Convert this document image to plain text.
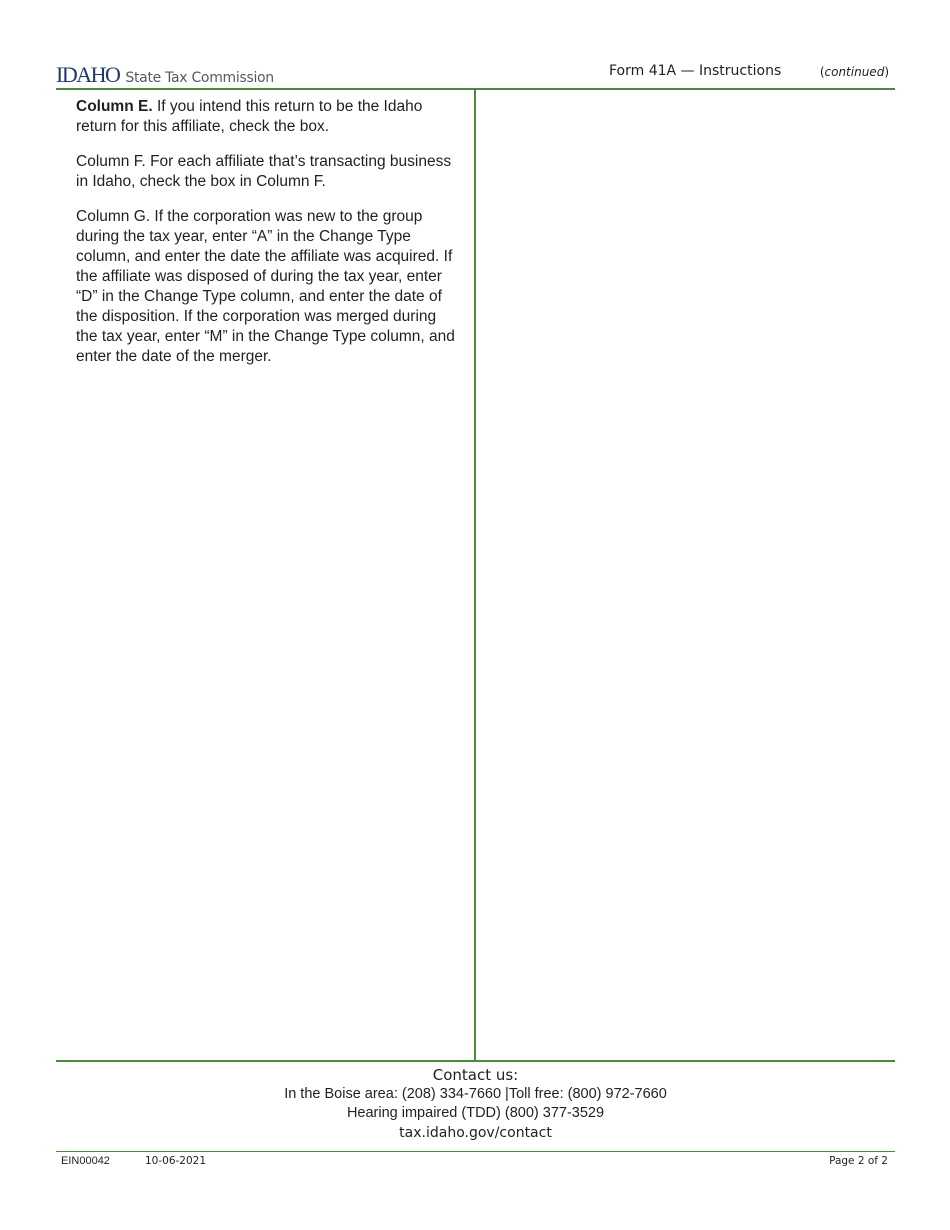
IDAHO State Tax Commission	Form 41A — Instructions	(continued)

Column E. If you intend this return to be the Idaho return for this affiliate, check the box.

Column F. For each affiliate that’s transacting business in Idaho, check the box in Column F.

Column G. If the corporation was new to the group during the tax year, enter “A” in the Change Type column, and enter the date the affiliate was acquired. If the affiliate was disposed of during the tax year, enter “D” in the Change Type column, and enter the date of the disposition. If the corporation was merged during the tax year, enter “M” in the Change Type column, and enter the date of the merger.

Contact us:
In the Boise area: (208) 334-7660 |Toll free: (800) 972-7660
Hearing impaired (TDD) (800) 377-3529
tax.idaho.gov/contact
EIN00042	10-06-2021	Page 2 of 2
